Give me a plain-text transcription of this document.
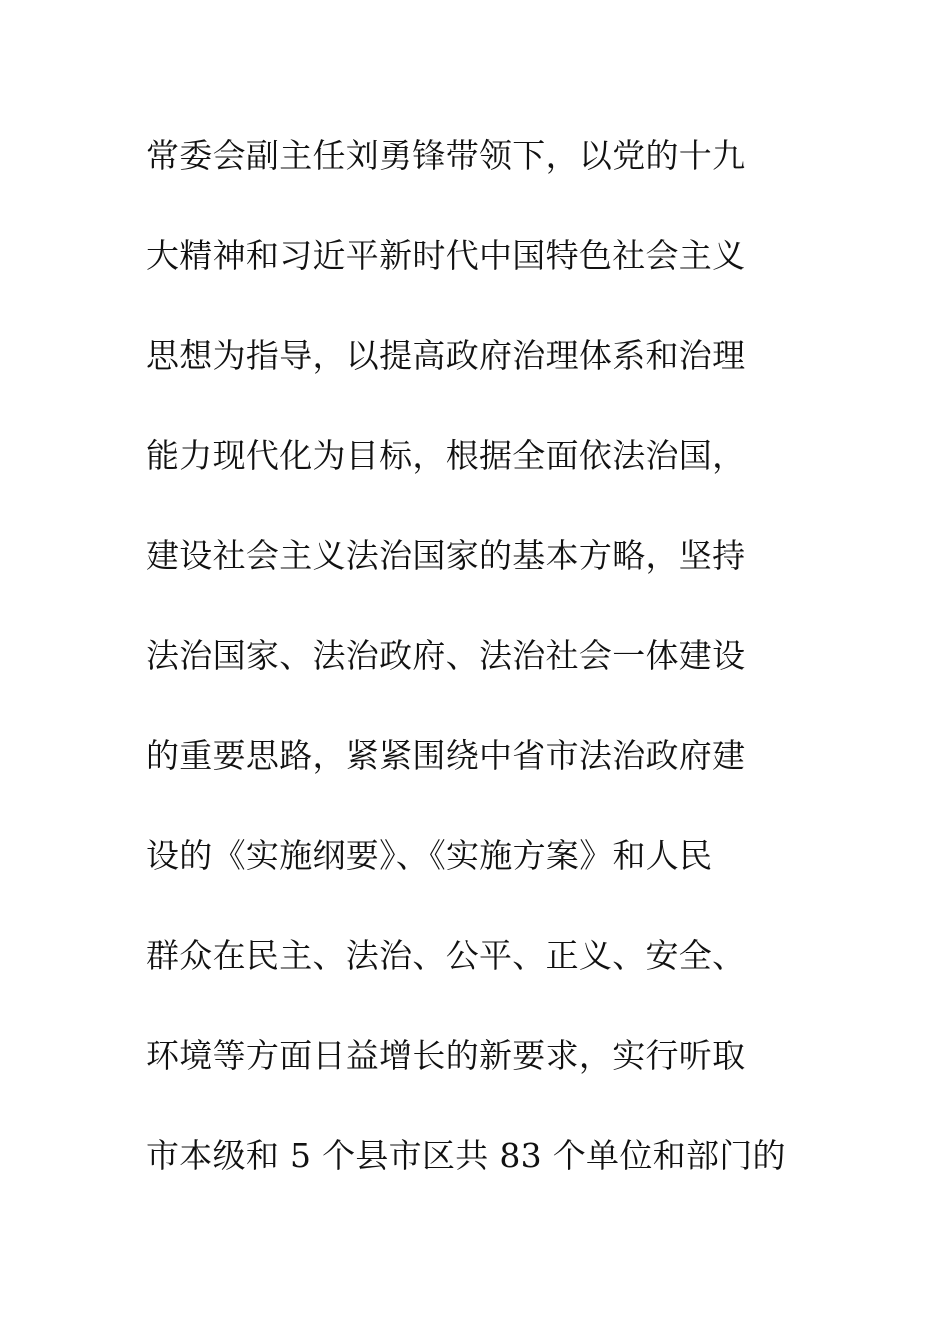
常委会副主任刘勇锋带领下，以党的十九
大精神和习近平新时代中国特色社会主义
思想为指导，以提高政府治理体系和治理
能力现代化为目标，根据全面依法治国，
建设社会主义法治国家的基本方略，坚持
法治国家、法治政府、法治社会一体建设
的重要思路，紧紧围绕中省市法治政府建
设的《实施纲要》、《实施方案》和人民
群众在民主、法治、公平、正义、安全、
环境等方面日益增长的新要求，实行听取
市本级和 5 个县市区共 83 个单位和部门的
